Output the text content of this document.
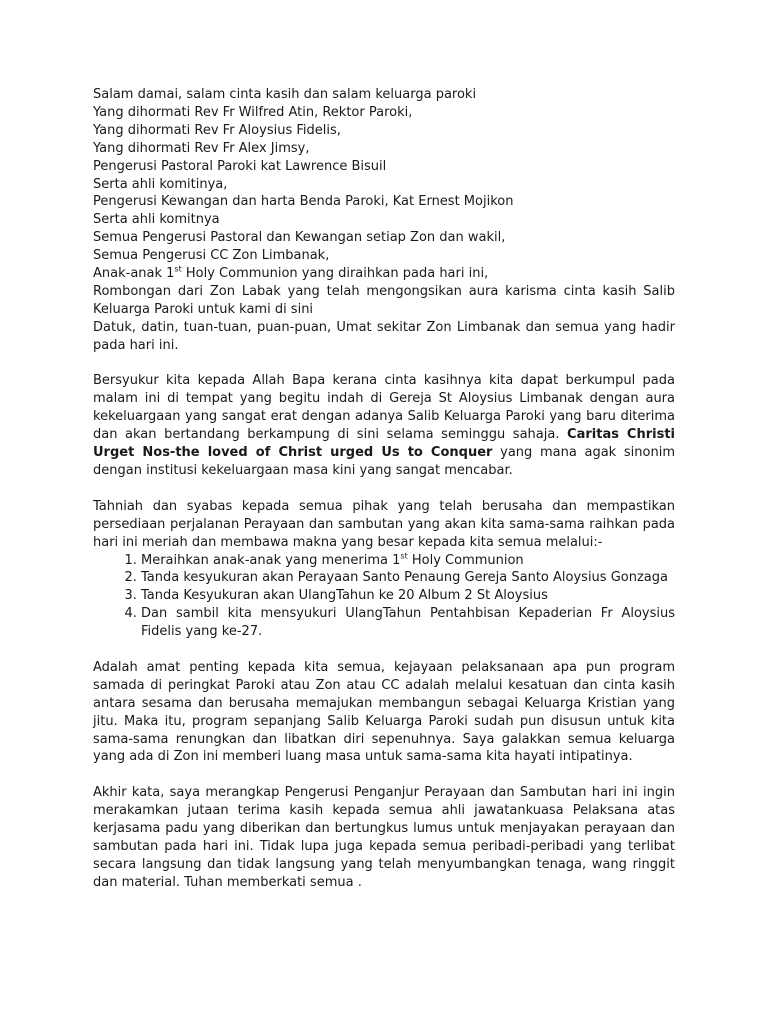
Salam damai, salam cinta kasih dan salam keluarga paroki
Yang dihormati Rev Fr Wilfred Atin, Rektor Paroki,
Yang dihormati Rev Fr Aloysius Fidelis,
Yang dihormati Rev Fr Alex Jimsy,
Pengerusi Pastoral Paroki kat Lawrence Bisuil
Serta ahli komitinya,
Pengerusi Kewangan dan harta Benda Paroki, Kat Ernest Mojikon
Serta ahli komitnya
Semua Pengerusi Pastoral dan Kewangan setiap Zon dan wakil,
Semua Pengerusi CC Zon Limbanak,
Anak-anak 1st Holy Communion yang diraihkan pada hari ini,

Rombongan dari Zon Labak yang telah mengongsikan aura karisma cinta kasih Salib Keluarga Paroki untuk kami di sini

Datuk, datin, tuan-tuan, puan-puan, Umat sekitar Zon Limbanak dan semua yang hadir pada hari ini.

Bersyukur kita kepada Allah Bapa kerana cinta kasihnya kita dapat berkumpul pada malam ini di tempat yang begitu indah di Gereja St Aloysius Limbanak dengan aura kekeluargaan yang sangat erat dengan adanya Salib Keluarga Paroki yang baru diterima dan akan bertandang berkampung di sini selama seminggu sahaja. Caritas Christi Urget Nos-the loved of Christ urged Us to Conquer yang mana agak sinonim dengan institusi kekeluargaan masa kini yang sangat mencabar.

Tahniah dan syabas kepada semua pihak yang telah berusaha dan mempastikan persediaan perjalanan Perayaan dan sambutan yang akan kita sama-sama raihkan pada hari ini meriah dan membawa makna yang besar kepada kita semua melalui:-

1. Meraihkan anak-anak yang menerima 1st Holy Communion
2. Tanda kesyukuran akan Perayaan Santo Penaung Gereja Santo Aloysius Gonzaga
3. Tanda Kesyukuran akan UlangTahun ke 20 Album 2 St Aloysius
4. Dan sambil kita mensyukuri UlangTahun Pentahbisan Kepaderian Fr Aloysius Fidelis yang ke-27.

Adalah amat penting kepada kita semua, kejayaan pelaksanaan apa pun program samada di peringkat Paroki atau Zon atau CC adalah melalui kesatuan dan cinta kasih antara sesama dan berusaha memajukan membangun sebagai Keluarga Kristian yang jitu. Maka itu, program sepanjang Salib Keluarga Paroki sudah pun disusun untuk kita sama-sama renungkan dan libatkan diri sepenuhnya. Saya galakkan semua keluarga yang ada di Zon ini memberi luang masa untuk sama-sama kita hayati intipatinya.

Akhir kata, saya merangkap Pengerusi Penganjur Perayaan dan Sambutan hari ini ingin merakamkan jutaan terima kasih kepada semua ahli jawatankuasa Pelaksana atas kerjasama padu yang diberikan dan bertungkus lumus untuk menjayakan perayaan dan sambutan pada hari ini. Tidak lupa juga kepada semua peribadi-peribadi yang terlibat secara langsung dan tidak langsung yang telah menyumbangkan tenaga, wang ringgit dan material. Tuhan memberkati semua .
